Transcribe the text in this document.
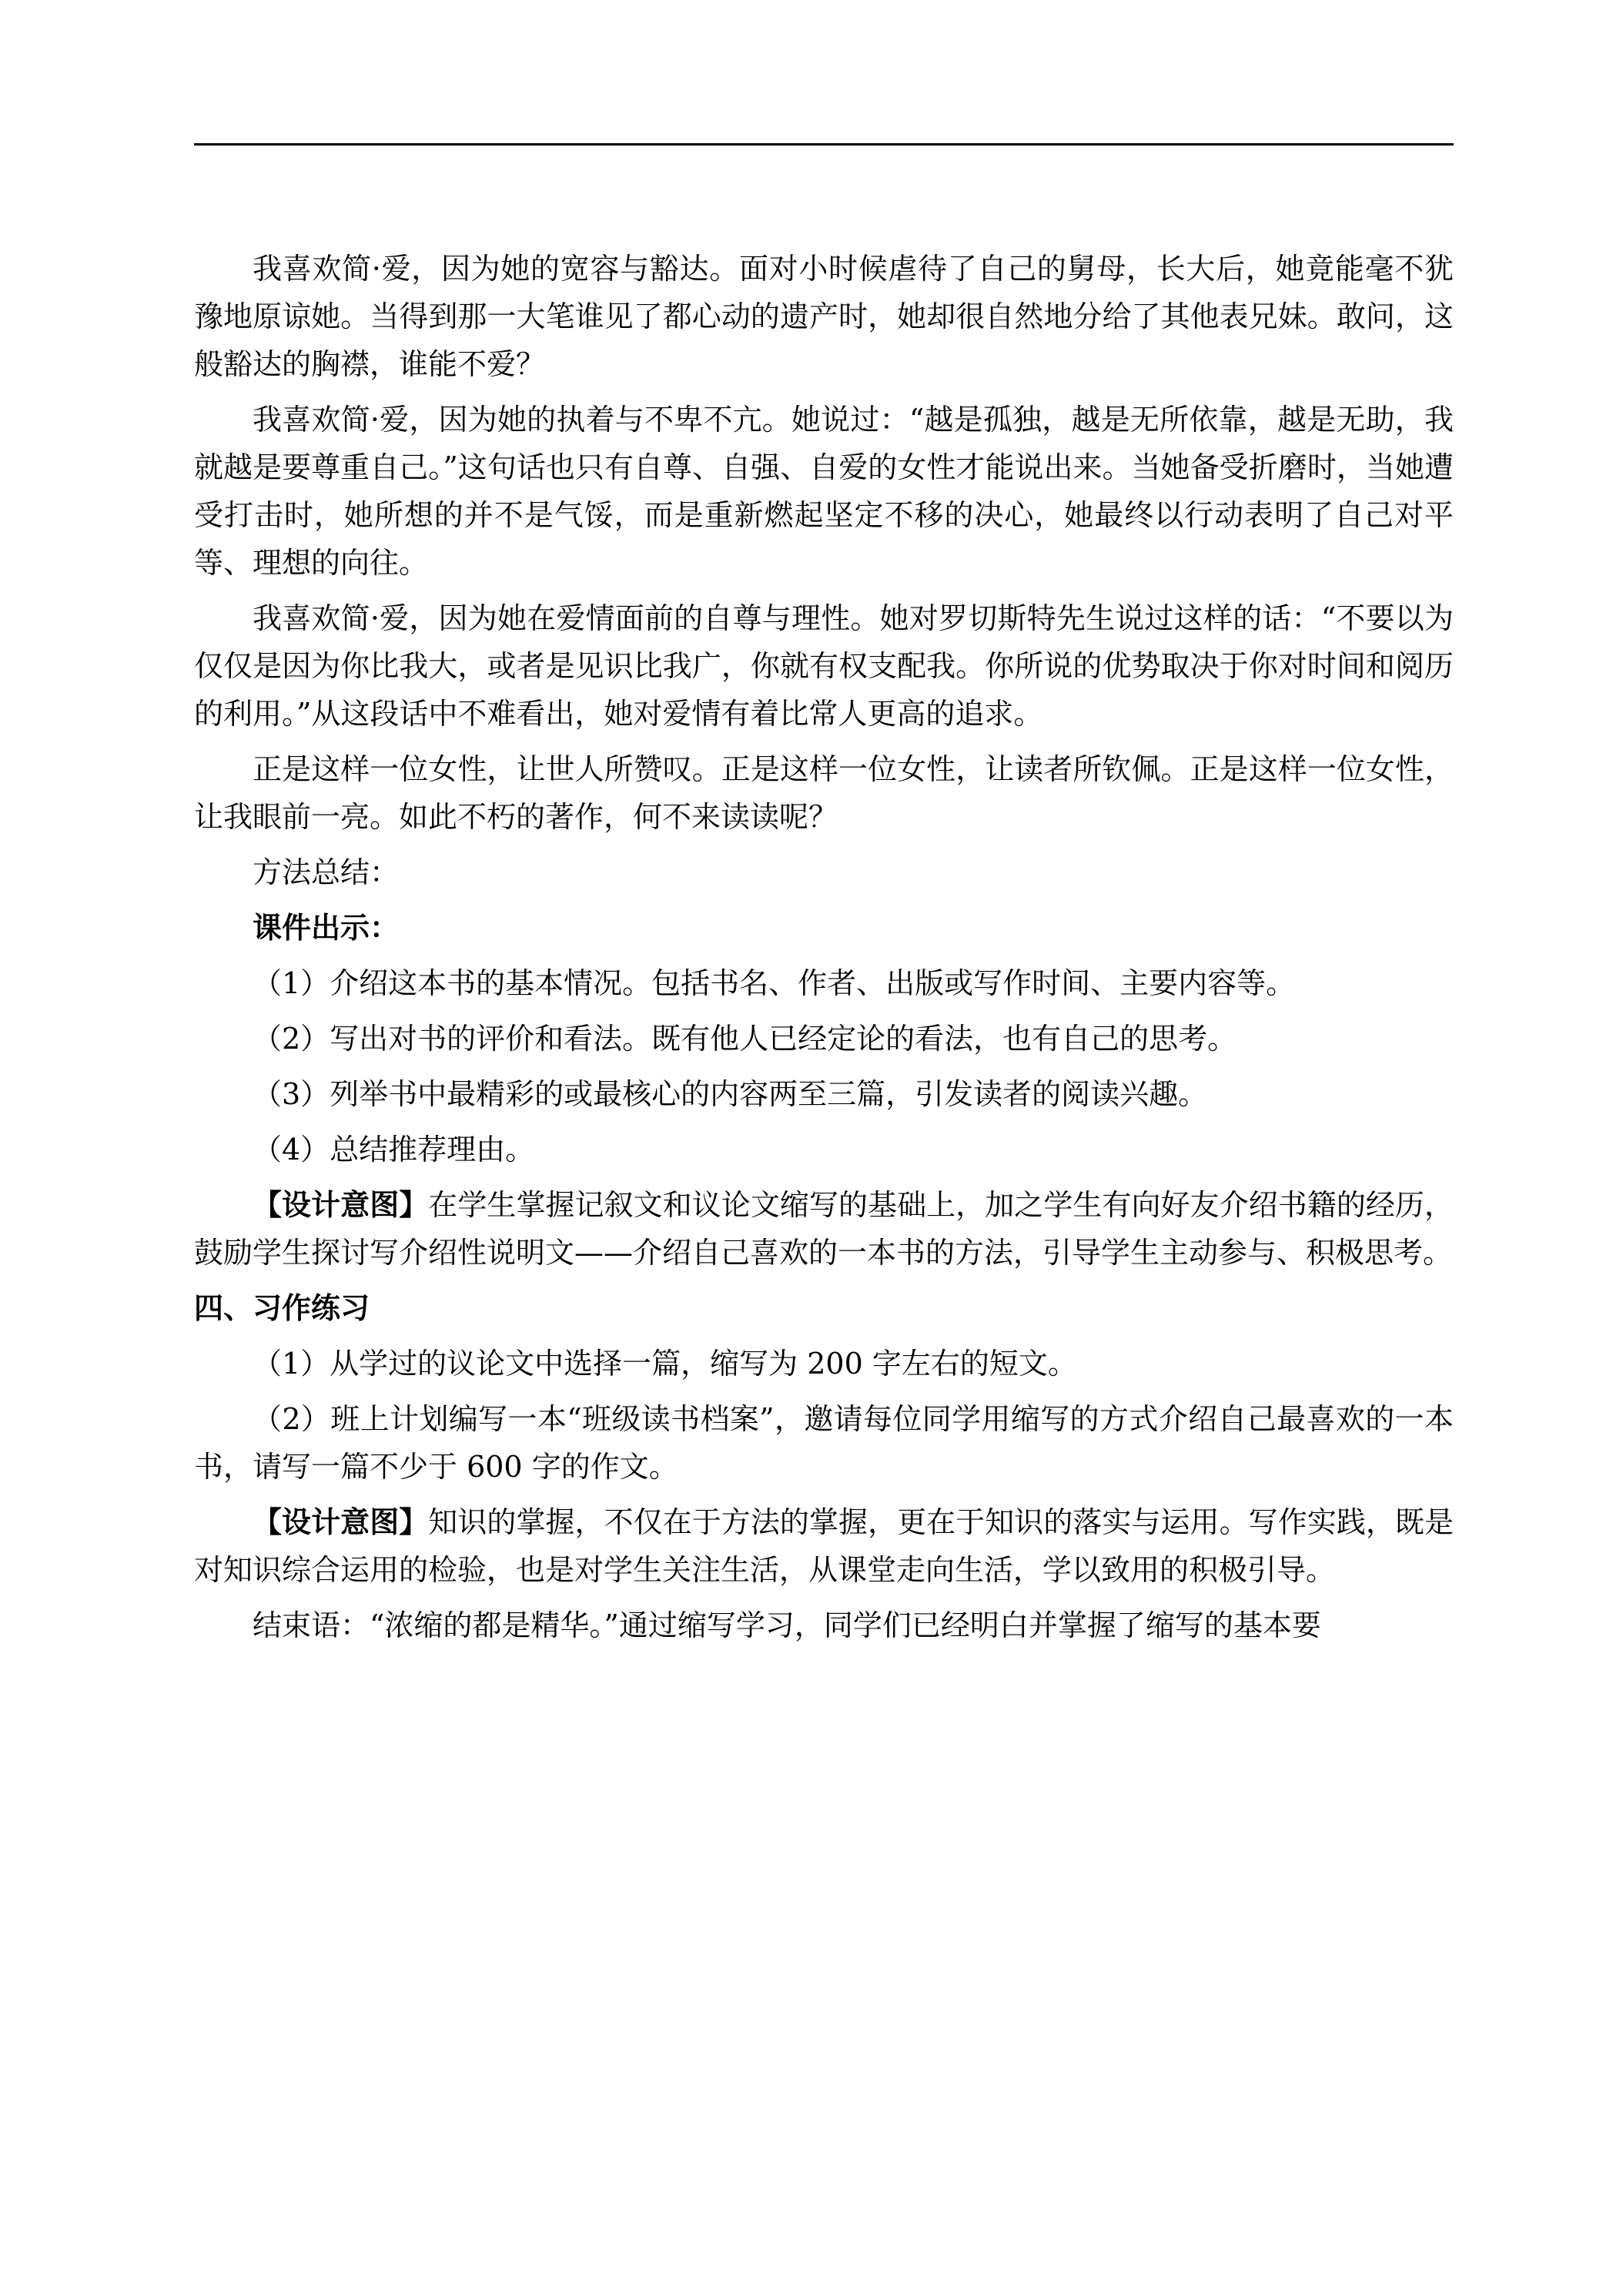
我喜欢简·爱，因为她的宽容与豁达。面对小时候虐待了自己的舅母，长大后，她竟能毫不犹豫地原谅她。当得到那一大笔谁见了都心动的遗产时，她却很自然地分给了其他表兄妹。敢问，这般豁达的胸襟，谁能不爱？

我喜欢简·爱，因为她的执着与不卑不亢。她说过：“越是孤独，越是无所依靠，越是无助，我就越是要尊重自己。”这句话也只有自尊、自强、自爱的女性才能说出来。当她备受折磨时，当她遭受打击时，她所想的并不是气馁，而是重新燃起坚定不移的决心，她最终以行动表明了自己对平等、理想的向往。

我喜欢简·爱，因为她在爱情面前的自尊与理性。她对罗切斯特先生说过这样的话：“不要以为仅仅是因为你比我大，或者是见识比我广，你就有权支配我。你所说的优势取决于你对时间和阅历的利用。”从这段话中不难看出，她对爱情有着比常人更高的追求。

正是这样一位女性，让世人所赞叹。正是这样一位女性，让读者所钦佩。正是这样一位女性，让我眼前一亮。如此不朽的著作，何不来读读呢？

方法总结：

课件出示：

（1）介绍这本书的基本情况。包括书名、作者、出版或写作时间、主要内容等。

（2）写出对书的评价和看法。既有他人已经定论的看法，也有自己的思考。

（3）列举书中最精彩的或最核心的内容两至三篇，引发读者的阅读兴趣。

（4）总结推荐理由。

【设计意图】在学生掌握记叙文和议论文缩写的基础上，加之学生有向好友介绍书籍的经历，鼓励学生探讨写介绍性说明文——介绍自己喜欢的一本书的方法，引导学生主动参与、积极思考。

四、习作练习

（1）从学过的议论文中选择一篇，缩写为 200 字左右的短文。

（2）班上计划编写一本“班级读书档案”，邀请每位同学用缩写的方式介绍自己最喜欢的一本书，请写一篇不少于 600 字的作文。

【设计意图】知识的掌握，不仅在于方法的掌握，更在于知识的落实与运用。写作实践，既是对知识综合运用的检验，也是对学生关注生活，从课堂走向生活，学以致用的积极引导。

结束语：“浓缩的都是精华。”通过缩写学习，同学们已经明白并掌握了缩写的基本要
